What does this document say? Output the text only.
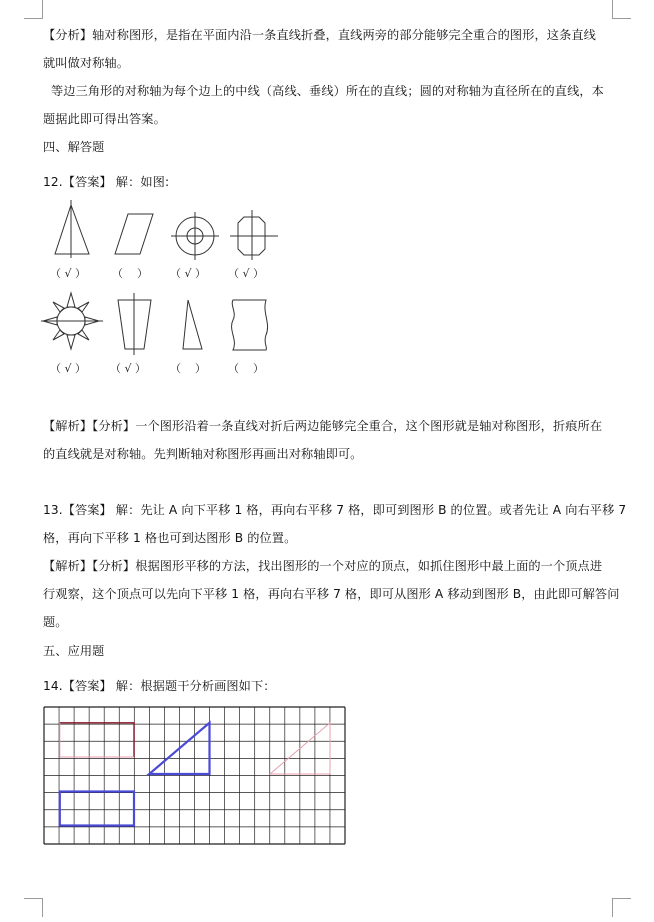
【分析】轴对称图形，是指在平面内沿一条直线折叠，直线两旁的部分能够完全重合的图形，这条直线
就叫做对称轴。
等边三角形的对称轴为每个边上的中线（高线、垂线）所在的直线；圆的对称轴为直径所在的直线，本
题据此即可得出答案。
四、解答题
12.【答案】 解：如图:
（ √ ） （    ） （ √ ） （ √ ）
（ √ ） （ √ ） （    ） （    ）
【解析】【分析】一个图形沿着一条直线对折后两边能够完全重合，这个图形就是轴对称图形，折痕所在
的直线就是对称轴。先判断轴对称图形再画出对称轴即可。
13.【答案】 解：先让 A 向下平移 1 格，再向右平移 7 格，即可到图形 B 的位置。或者先让 A 向右平移 7
格，再向下平移 1 格也可到达图形 B 的位置。
【解析】【分析】根据图形平移的方法，找出图形的一个对应的顶点，如抓住图形中最上面的一个顶点进
行观察，这个顶点可以先向下平移 1 格，再向右平移 7 格，即可从图形 A 移动到图形 B，由此即可解答问
题。
五、应用题
14.【答案】 解：根据题干分析画图如下：
